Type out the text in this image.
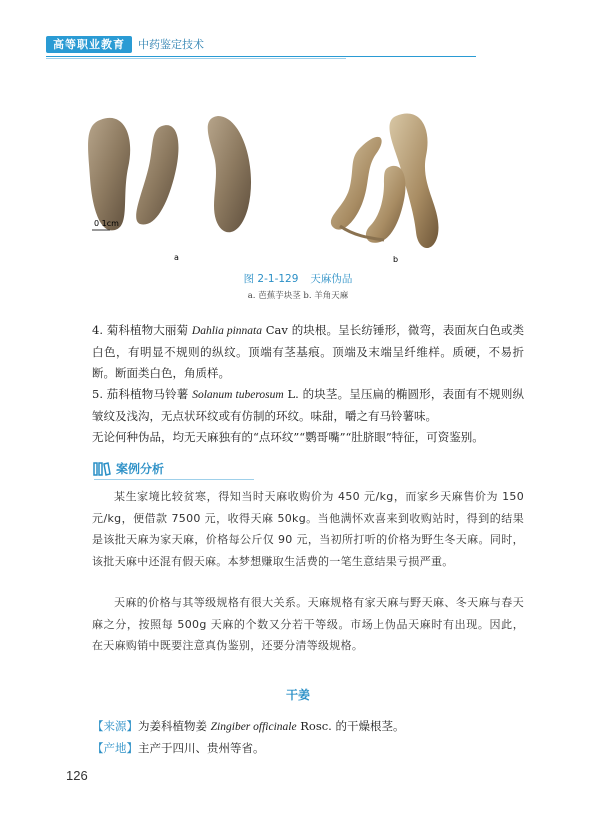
高等职业教育	中药鉴定技术
0 1cm
a	b
图 2-1-129 天麻伪品
a. 芭蕉芋块茎 b. 羊角天麻
4. 菊科植物大丽菊 Dahlia pinnata Cav 的块根。呈长纺锤形，微弯，表面灰白色或类白色，有明显不规则的纵纹。顶端有茎基痕。顶端及末端呈纤维样。质硬，不易折断。断面类白色，角质样。
5. 茄科植物马铃薯 Solanum tuberosum L. 的块茎。呈压扁的椭圆形，表面有不规则纵皱纹及浅沟，无点状环纹或有仿制的环纹。味甜，嚼之有马铃薯味。
无论何种伪品，均无天麻独有的“点环纹”“鹦哥嘴”“肚脐眼”特征，可资鉴别。
案例分析
某生家境比较贫寒，得知当时天麻收购价为 450 元/kg，而家乡天麻售价为 150 元/kg，便借款 7500 元，收得天麻 50kg。当他满怀欢喜来到收购站时，得到的结果是该批天麻为家天麻，价格每公斤仅 90 元，当初所打听的价格为野生冬天麻。同时，该批天麻中还混有假天麻。本梦想赚取生活费的一笔生意结果亏损严重。
天麻的价格与其等级规格有很大关系。天麻规格有家天麻与野天麻、冬天麻与春天麻之分，按照每 500g 天麻的个数又分若干等级。市场上伪品天麻时有出现。因此，在天麻购销中既要注意真伪鉴别，还要分清等级规格。
干姜
【来源】为姜科植物姜 Zingiber officinale Rosc. 的干燥根茎。
【产地】主产于四川、贵州等省。
126
